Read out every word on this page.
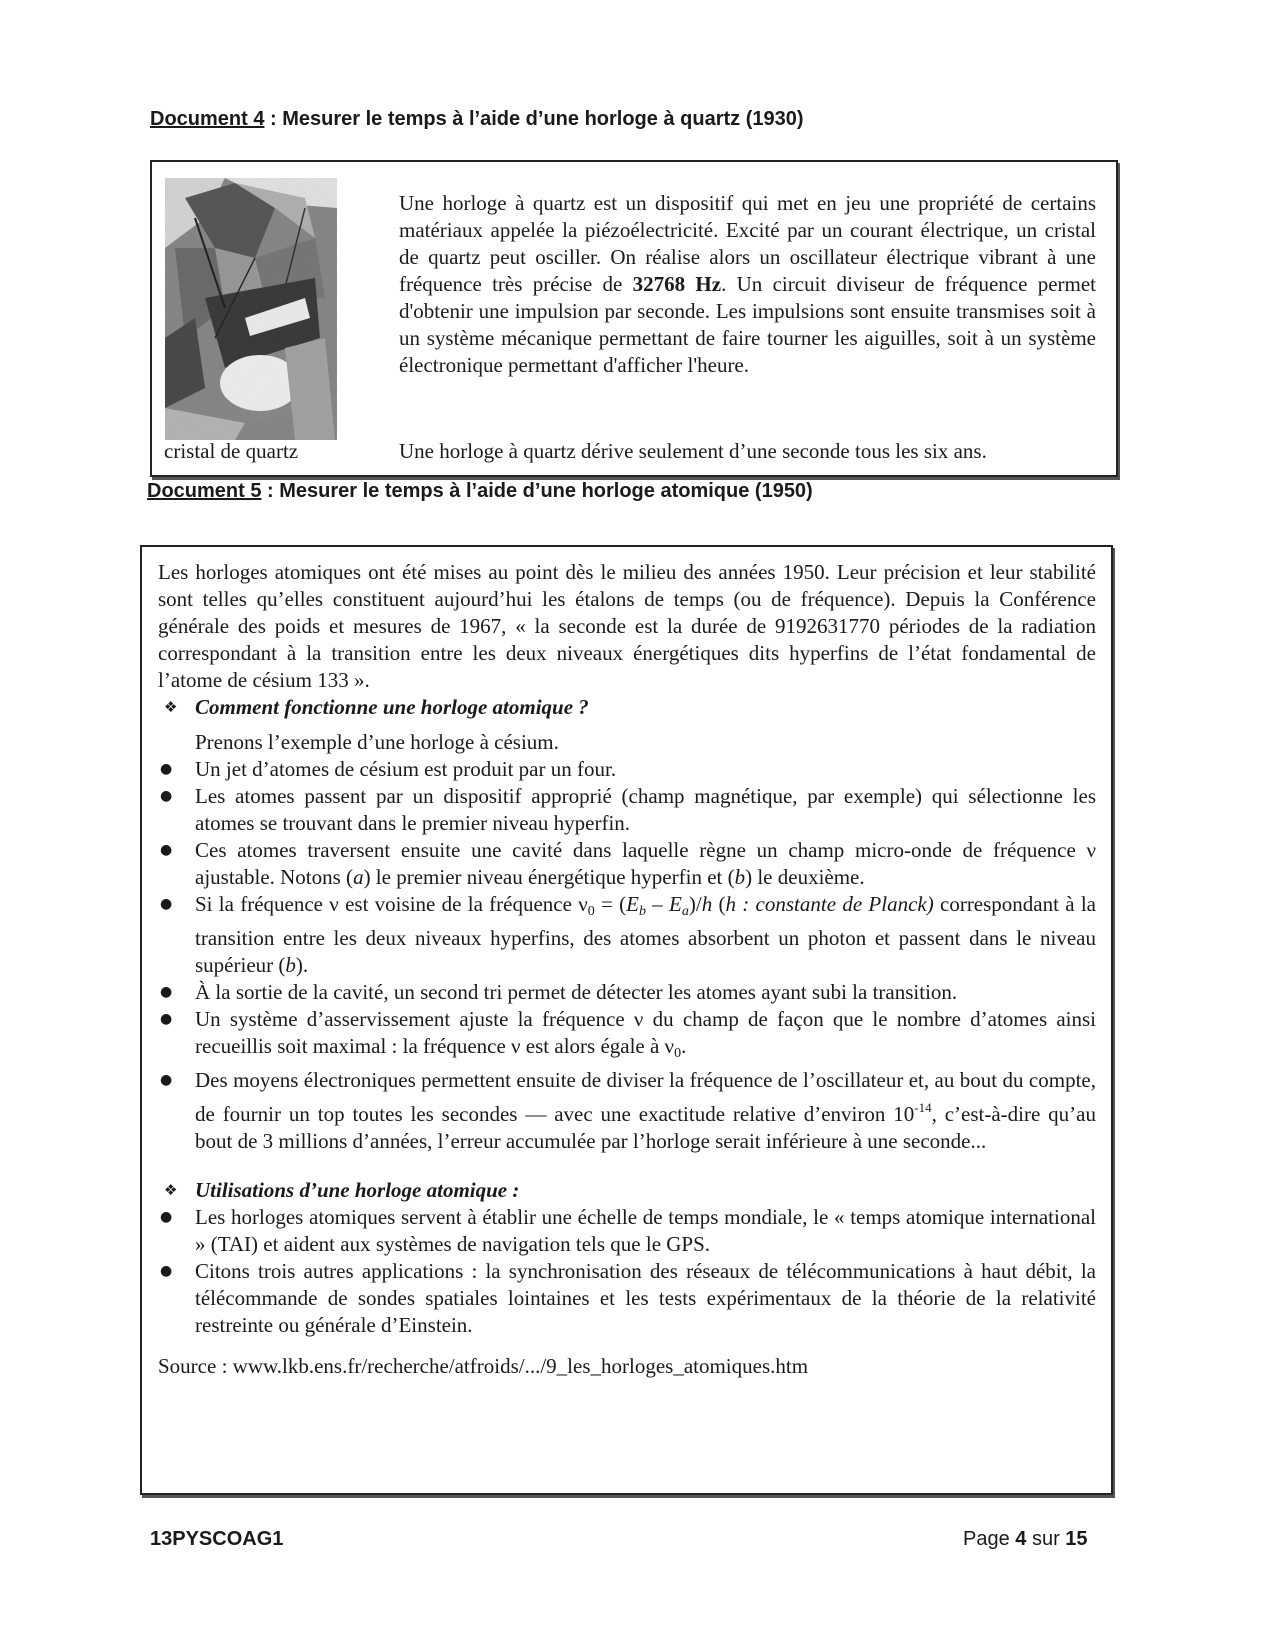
Document 4 : Mesurer le temps à l’aide d’une horloge à quartz (1930)
cristal de quartz

Une horloge à quartz est un dispositif qui met en jeu une propriété de certains matériaux appelée la piézoélectricité. Excité par un courant électrique, un cristal de quartz peut osciller. On réalise alors un oscillateur électrique vibrant à une fréquence très précise de 32768 Hz. Un circuit diviseur de fréquence permet d'obtenir une impulsion par seconde. Les impulsions sont ensuite transmises soit à un système mécanique permettant de faire tourner les aiguilles, soit à un système électronique permettant d'afficher l'heure.

Une horloge à quartz dérive seulement d’une seconde tous les six ans.
Document 5 : Mesurer le temps à l’aide d’une horloge atomique (1950)

Les horloges atomiques ont été mises au point dès le milieu des années 1950. Leur précision et leur stabilité sont telles qu’elles constituent aujourd’hui les étalons de temps (ou de fréquence). Depuis la Conférence générale des poids et mesures de 1967, « la seconde est la durée de 9192631770 périodes de la radiation correspondant à la transition entre les deux niveaux énergétiques dits hyperfins de l’état fondamental de l’atome de césium 133 ».

❖ Comment fonctionne une horloge atomique ?

Prenons l’exemple d’une horloge à césium.

● Un jet d’atomes de césium est produit par un four.
● Les atomes passent par un dispositif approprié (champ magnétique, par exemple) qui sélectionne les atomes se trouvant dans le premier niveau hyperfin.
● Ces atomes traversent ensuite une cavité dans laquelle règne un champ micro-onde de fréquence ν ajustable. Notons (a) le premier niveau énergétique hyperfin et (b) le deuxième.
● Si la fréquence ν est voisine de la fréquence $\nu_0 = (E_b - E_a)/h$ (h : constante de Planck) correspondant à la transition entre les deux niveaux hyperfins, des atomes absorbent un photon et passent dans le niveau supérieur (b).
● À la sortie de la cavité, un second tri permet de détecter les atomes ayant subi la transition.
● Un système d’asservissement ajuste la fréquence ν du champ de façon que le nombre d’atomes ainsi recueillis soit maximal : la fréquence ν est alors égale à $\nu_0$.
● Des moyens électroniques permettent ensuite de diviser la fréquence de l’oscillateur et, au bout du compte, de fournir un top toutes les secondes — avec une exactitude relative d’environ $10^{-14}$, c’est-à-dire qu’au bout de 3 millions d’années, l’erreur accumulée par l’horloge serait inférieure à une seconde...

❖ Utilisations d’une horloge atomique :

● Les horloges atomiques servent à établir une échelle de temps mondiale, le « temps atomique international » (TAI) et aident aux systèmes de navigation tels que le GPS.
● Citons trois autres applications : la synchronisation des réseaux de télécommunications à haut débit, la télécommande de sondes spatiales lointaines et les tests expérimentaux de la théorie de la relativité restreinte ou générale d’Einstein.

Source : www.lkb.ens.fr/recherche/atfroids/.../9_les_horloges_atomiques.htm

13PYSCOAG1	Page 4 sur 15
